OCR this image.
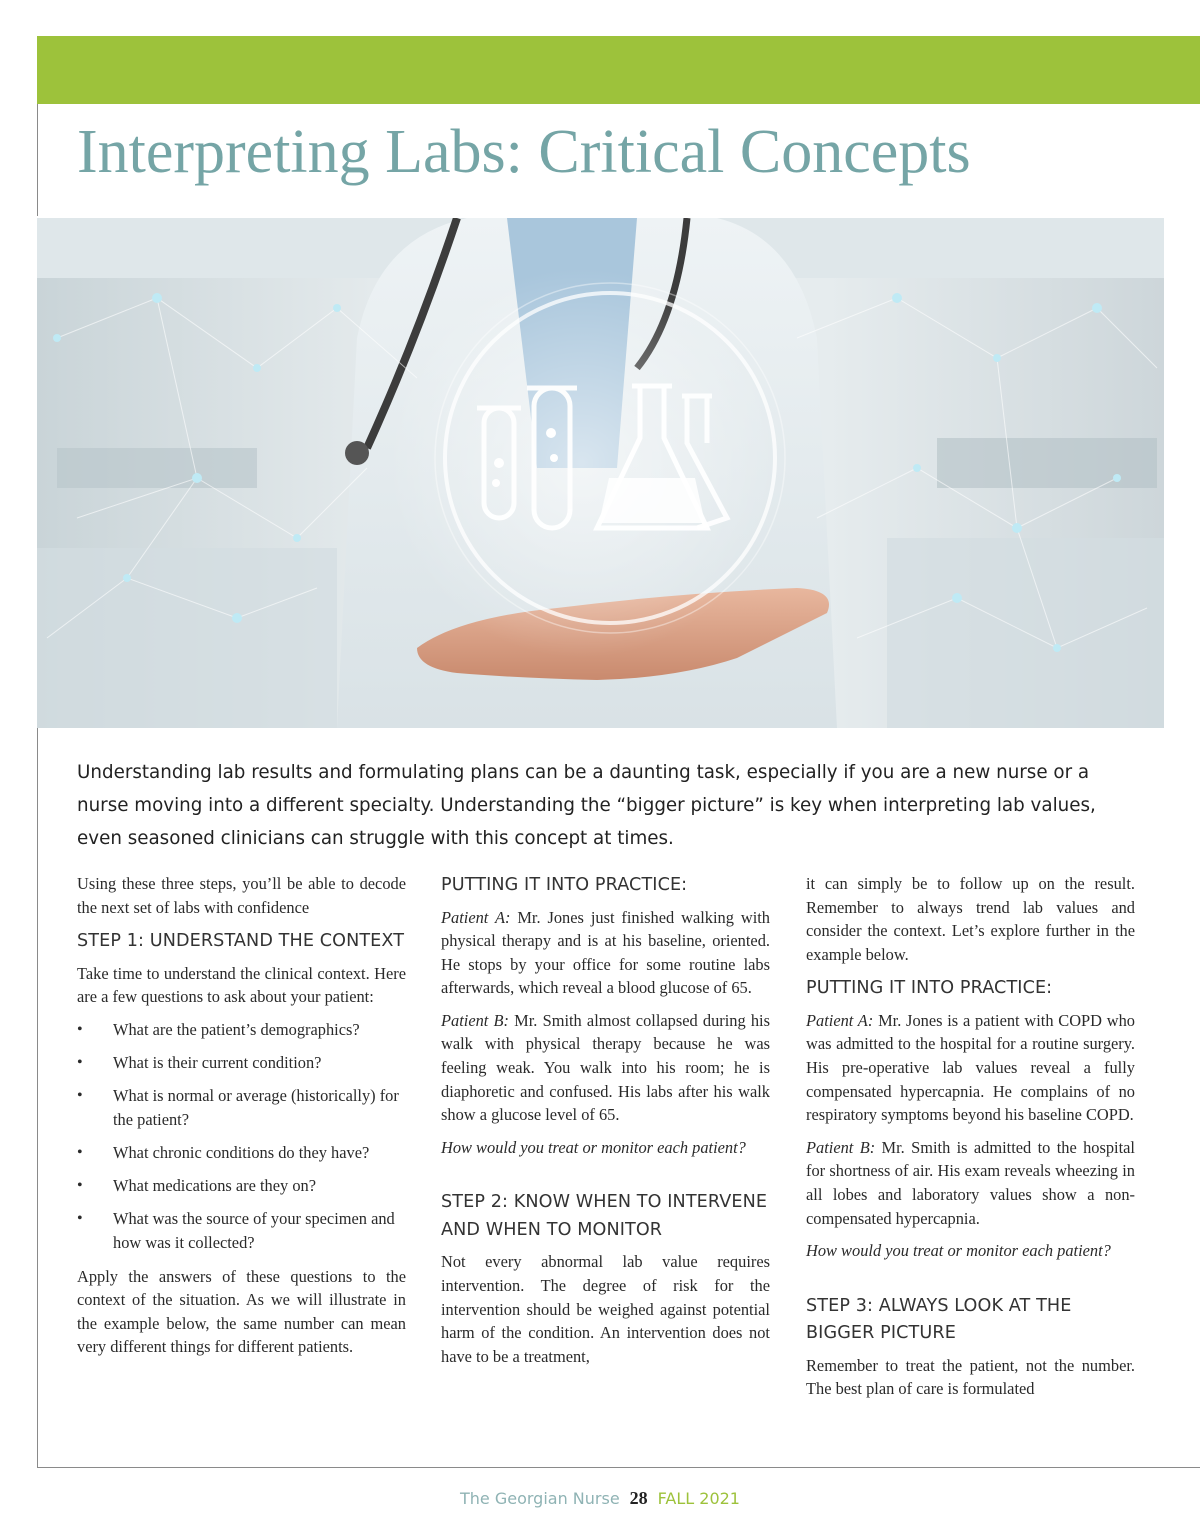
Interpreting Labs: Critical Concepts

Understanding lab results and formulating plans can be a daunting task, especially if you are a new nurse or a nurse moving into a different specialty. Understanding the “bigger picture” is key when interpreting lab values, even seasoned clinicians can struggle with this concept at times.

Using these three steps, you’ll be able to decode the next set of labs with confidence

STEP 1: UNDERSTAND THE CONTEXT

Take time to understand the clinical context. Here are a few questions to ask about your patient:

• What are the patient’s demographics?
• What is their current condition?
• What is normal or average (historically) for the patient?
• What chronic conditions do they have?
• What medications are they on?
• What was the source of your specimen and how was it collected?

Apply the answers of these questions to the context of the situation. As we will illustrate in the example below, the same number can mean very different things for different patients.

PUTTING IT INTO PRACTICE:

Patient A: Mr. Jones just finished walking with physical therapy and is at his baseline, oriented. He stops by your office for some routine labs afterwards, which reveal a blood glucose of 65.

Patient B: Mr. Smith almost collapsed during his walk with physical therapy because he was feeling weak. You walk into his room; he is diaphoretic and confused. His labs after his walk show a glucose level of 65.

How would you treat or monitor each patient?

STEP 2: KNOW WHEN TO INTERVENE AND WHEN TO MONITOR

Not every abnormal lab value requires intervention. The degree of risk for the intervention should be weighed against potential harm of the condition. An intervention does not have to be a treatment,

it can simply be to follow up on the result. Remember to always trend lab values and consider the context. Let’s explore further in the example below.

PUTTING IT INTO PRACTICE:

Patient A: Mr. Jones is a patient with COPD who was admitted to the hospital for a routine surgery. His pre-operative lab values reveal a fully compensated hypercapnia. He complains of no respiratory symptoms beyond his baseline COPD.

Patient B: Mr. Smith is admitted to the hospital for shortness of air. His exam reveals wheezing in all lobes and laboratory values show a non-compensated hypercapnia.

How would you treat or monitor each patient?

STEP 3: ALWAYS LOOK AT THE BIGGER PICTURE

Remember to treat the patient, not the number. The best plan of care is formulated

The Georgian Nurse 28 FALL 2021
